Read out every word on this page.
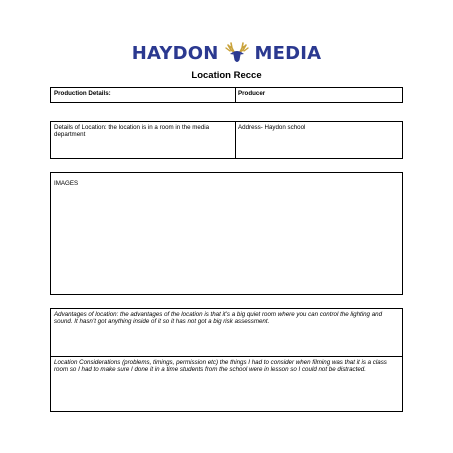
HAYDON MEDIA
Location Recce
Production Details:	Producer
Details of Location: the location is in a room in the media department
Address- Haydon school
IMAGES
Advantages of location: the advantages of the location is that it’s a big quiet room where you can control the lighting and sound. It hasn’t got anything inside of it so it has not got a big risk assessment.
Location Considerations (problems, timings, permission etc) the things I had to consider when filming was that it is a class room so I had to make sure I done it in a time students from the school were in lesson so I could not be distracted.
